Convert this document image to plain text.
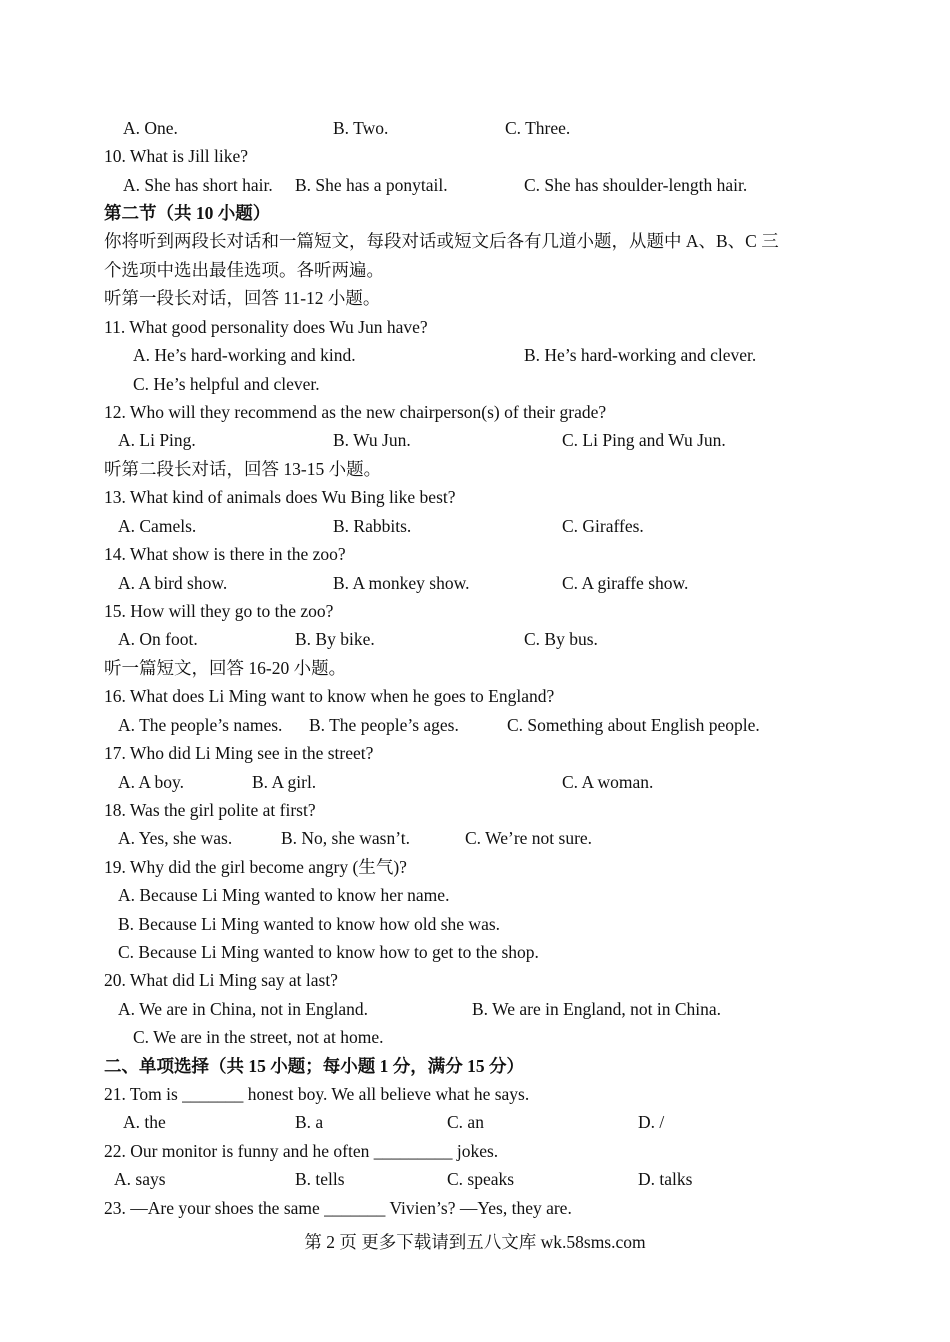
A. One.	B. Two.	C. Three.
10. What is Jill like?
A. She has short hair. B. She has a ponytail.	C. She has shoulder-length hair.
第二节（共 10 小题）
你将听到两段长对话和一篇短文，每段对话或短文后各有几道小题，从题中 A、B、C 三
个选项中选出最佳选项。各听两遍。
听第一段长对话，回答 11-12 小题。
11. What good personality does Wu Jun have?
A. He’s hard-working and kind.	B. He’s hard-working and clever.
C. He’s helpful and clever.
12. Who will they recommend as the new chairperson(s) of their grade?
A. Li Ping.	B. Wu Jun.	C. Li Ping and Wu Jun.
听第二段长对话，回答 13-15 小题。
13. What kind of animals does Wu Bing like best?
A. Camels.	B. Rabbits.	C. Giraffes.
14. What show is there in the zoo?
A. A bird show.	B. A monkey show.	C. A giraffe show.
15. How will they go to the zoo?
A. On foot.	B. By bike.	C. By bus.
听一篇短文，回答 16-20 小题。
16. What does Li Ming want to know when he goes to England?
A. The people’s names. B. The people’s ages.	C. Something about English people.
17. Who did Li Ming see in the street?
A. A boy.	B. A girl.	C. A woman.
18. Was the girl polite at first?
A. Yes, she was.	B. No, she wasn’t.	C. We’re not sure.
19. Why did the girl become angry (生气)?
A. Because Li Ming wanted to know her name.
B. Because Li Ming wanted to know how old she was.
C. Because Li Ming wanted to know how to get to the shop.
20. What did Li Ming say at last?
A. We are in China, not in England.	B. We are in England, not in China.
C. We are in the street, not at home.
二、单项选择（共 15 小题；每小题 1 分，满分 15 分）
21. Tom is _______ honest boy. We all believe what he says.
A. the	B. a	C. an	D. /
22. Our monitor is funny and he often _________ jokes.
A. says	B. tells	C. speaks	D. talks
23. —Are your shoes the same _______ Vivien’s? —Yes, they are.
第 2 页 更多下载请到五八文库 wk.58sms.com
